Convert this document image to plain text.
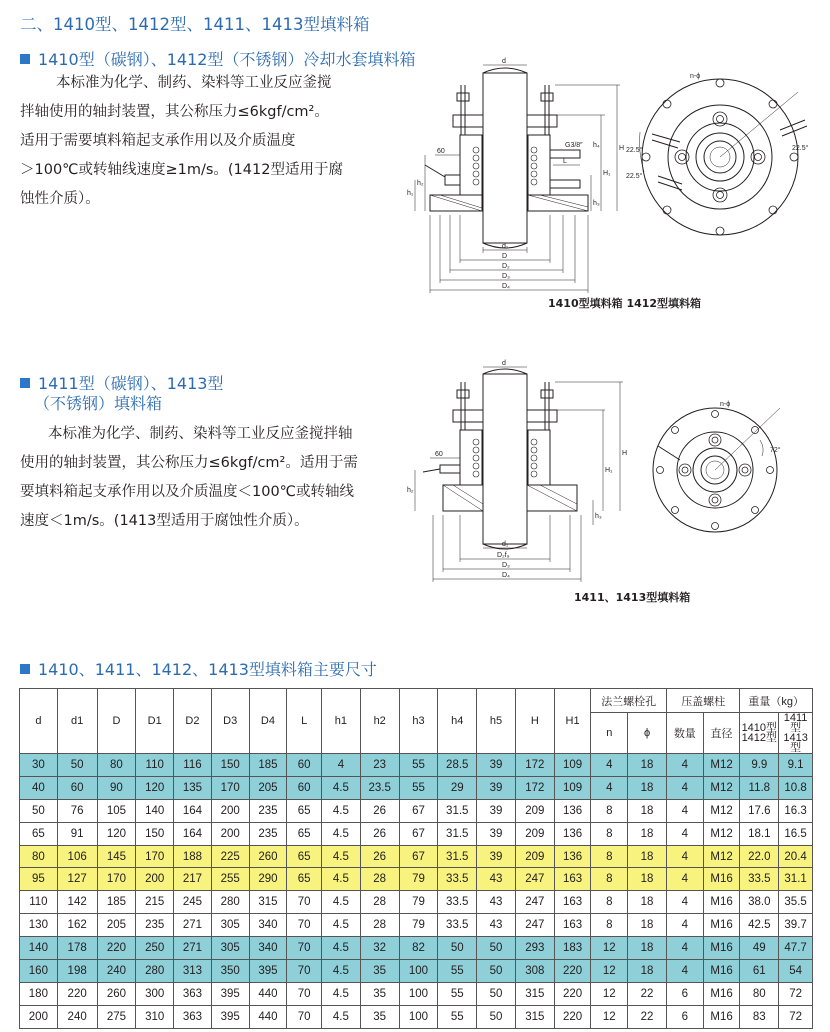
二、1410型、1412型、1411、1413型填料箱
1410型（碳钢）、1412型（不锈钢）冷却水套填料箱
本标准为化学、制药、染料等工业反应釜搅
拌轴使用的轴封装置，其公称压力≤6kgf/cm²。
适用于需要填料箱起支承作用以及介质温度
＞100℃或转轴线速度≥1m/s。(1412型适用于腐
蚀性介质）。
d
d₁
D
D₂
D₃
D₄
60
G3/8″
L
H
H₁
h₄
h₁
h₂
h₃
n-ϕ
22.5°
22.5°
22.5°
1410型填料箱 1412型填料箱
1411型（碳钢）、1413型
（不锈钢）填料箱
本标准为化学、制药、染料等工业反应釜搅拌轴
使用的轴封装置，其公称压力≤6kgf/cm²。适用于需
要填料箱起支承作用以及介质温度＜100℃或转轴线
速度＜1m/s。(1413型适用于腐蚀性介质）。
d
d₁
D₂f₉
D₃
D₄
60	H
H₁
h₂
h₃
n-ϕ
72°
1411、1413型填料箱
1410、1411、1412、1413型填料箱主要尺寸
d	d1	D	D1	D2	D3	D4	L	h1	h2	h3	h4	h5	H	H1	法兰螺栓孔		压盖螺柱		重量（kg）	
															n	ϕ	数量	直径	1410型
1412型	1411型
1413型
30	50	80	110	116	150	185	60	4	23	55	28.5	39	172	109	4	18	4	M12	9.9	9.1
40	60	90	120	135	170	205	60	4.5	23.5	55	29	39	172	109	4	18	4	M12	11.8	10.8
50	76	105	140	164	200	235	65	4.5	26	67	31.5	39	209	136	8	18	4	M12	17.6	16.3
65	91	120	150	164	200	235	65	4.5	26	67	31.5	39	209	136	8	18	4	M12	18.1	16.5
80	106	145	170	188	225	260	65	4.5	26	67	31.5	39	209	136	8	18	4	M12	22.0	20.4
95	127	170	200	217	255	290	65	4.5	28	79	33.5	43	247	163	8	18	4	M16	33.5	31.1
110	142	185	215	245	280	315	70	4.5	28	79	33.5	43	247	163	8	18	4	M16	38.0	35.5
130	162	205	235	271	305	340	70	4.5	28	79	33.5	43	247	163	8	18	4	M16	42.5	39.7
140	178	220	250	271	305	340	70	4.5	32	82	50	50	293	183	12	18	4	M16	49	47.7
160	198	240	280	313	350	395	70	4.5	35	100	55	50	308	220	12	18	4	M16	61	54
180	220	260	300	363	395	440	70	4.5	35	100	55	50	315	220	12	22	6	M16	80	72
200	240	275	310	363	395	440	70	4.5	35	100	55	50	315	220	12	22	6	M16	83	72
